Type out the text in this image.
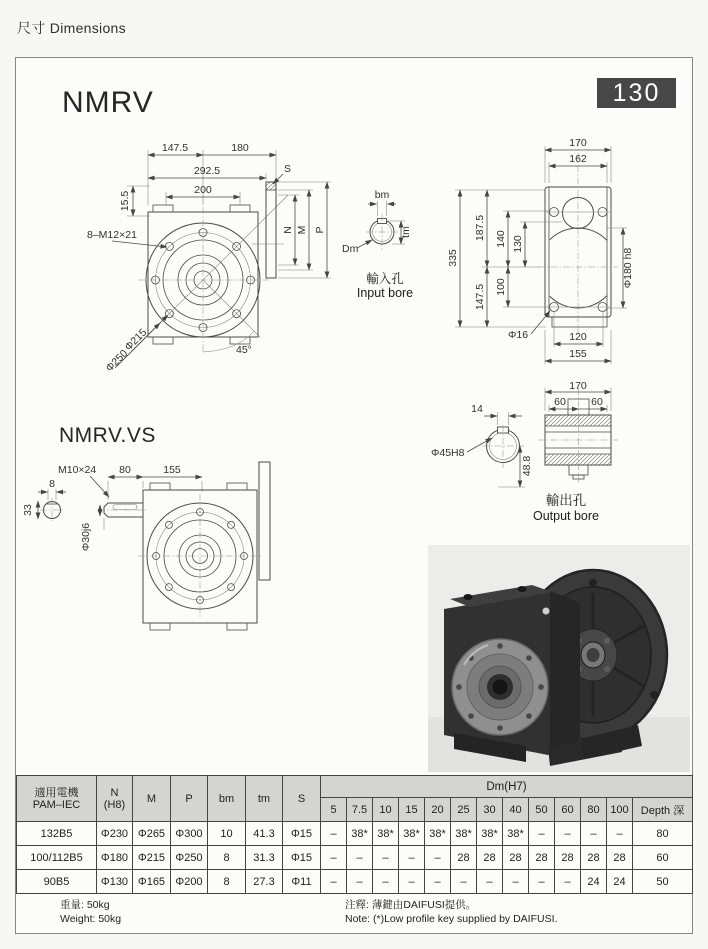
尺寸 Dimensions
NMRV	130
147.5	180
292.5
200
15.5
S
N M P
8–M12×21
Φ215
Φ250	45°
bm
tm
Dm
輸入孔
Input bore
170
162
335
187.5
147.5
140 130
100	Φ180 h8
Φ16	120
155
NMRV.VS
M10×24 80	155
8
33
Φ30j6
14
Φ45H8
48.8
170
60 60
輸出孔
Output bore
適用電機
PAM–IEC

N
(H8)	M	P	bm	tm	S	Dm(H7)
							5	7.5	10	15	20	25	30	40	50	60	80	100	Depth 深
132B5	Φ230	Φ265	Φ300	10	41.3	Φ15	–	38*	38*	38*	38*	38*	38*	38*	–	–	–	–	80
100/112B5	Φ180	Φ215	Φ250	8	31.3	Φ15	–	–	–	–	–	28	28	28	28	28	28	28	60
90B5	Φ130	Φ165	Φ200	8	27.3	Φ11	–	–	–	–	–	–	–	–	–	–	24	24	50
重量: 50kg
Weight: 50kg
注釋: 薄鍵由DAIFUSI提供。
Note: (*)Low profile key supplied by DAIFUSI.
